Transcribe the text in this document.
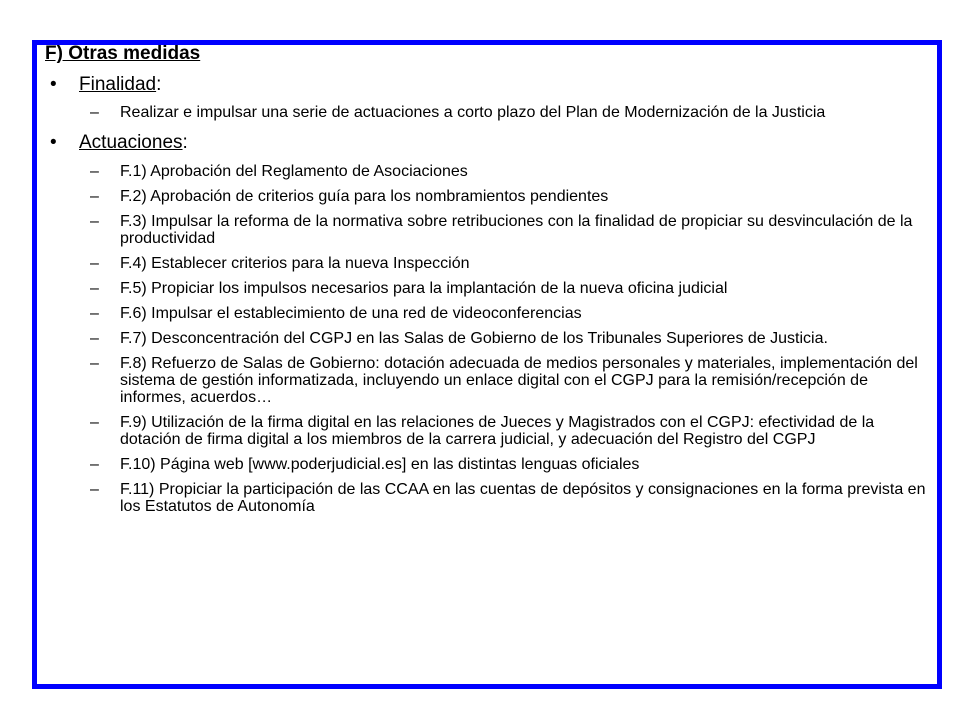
F) Otras medidas
• Finalidad:
– Realizar e impulsar una serie de actuaciones a corto plazo del Plan de Modernización de la Justicia
• Actuaciones:
– F.1) Aprobación del Reglamento de Asociaciones
– F.2) Aprobación de criterios guía para los nombramientos pendientes
– F.3) Impulsar la reforma de la normativa sobre retribuciones con la finalidad de propiciar su desvinculación de la productividad
– F.4) Establecer criterios para la nueva Inspección
– F.5) Propiciar los impulsos necesarios para la implantación de la nueva oficina judicial
– F.6) Impulsar el establecimiento de una red de videoconferencias
– F.7) Desconcentración del CGPJ en las Salas de Gobierno de los Tribunales Superiores de Justicia.
– F.8) Refuerzo de Salas de Gobierno: dotación adecuada de medios personales y materiales, implementación del sistema de gestión informatizada, incluyendo un enlace digital con el CGPJ para la remisión/recepción de informes, acuerdos…
– F.9) Utilización de la firma digital en las relaciones de Jueces y Magistrados con el CGPJ: efectividad de la dotación de firma digital a los miembros de la carrera judicial, y adecuación del Registro del CGPJ
– F.10) Página web [www.poderjudicial.es] en las distintas lenguas oficiales
– F.11) Propiciar la participación de las CCAA en las cuentas de depósitos y consignaciones en la forma prevista en los Estatutos de Autonomía
